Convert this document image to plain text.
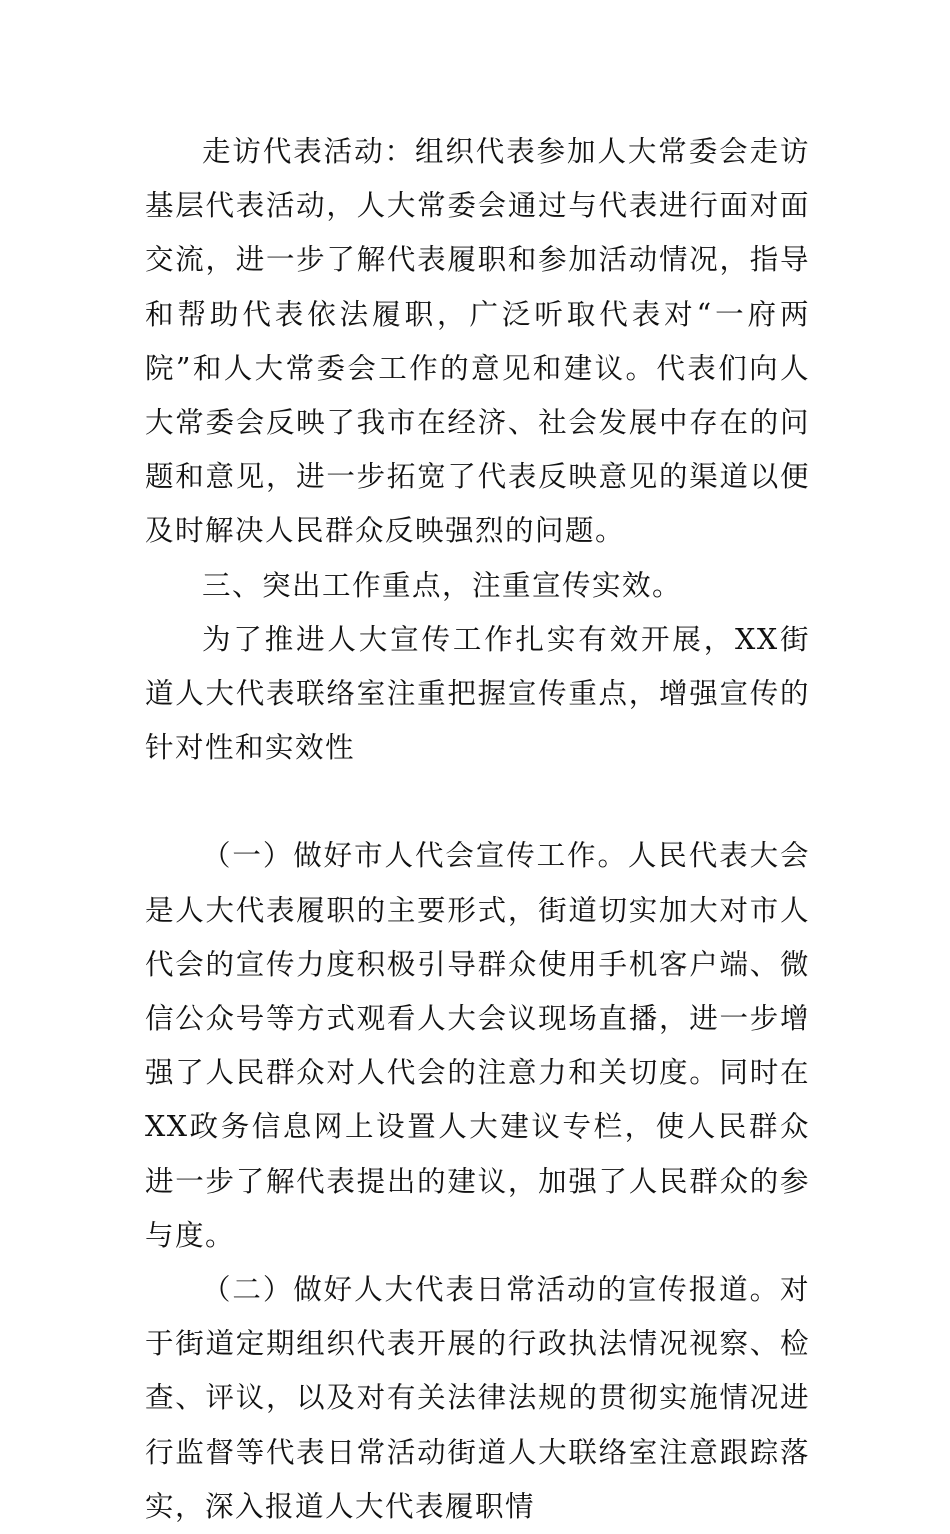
走访代表活动：组织代表参加人大常委会走访基层代表活动，人大常委会通过与代表进行面对面交流，进一步了解代表履职和参加活动情况，指导和帮助代表依法履职，广泛听取代表对“一府两院”和人大常委会工作的意见和建议。代表们向人大常委会反映了我市在经济、社会发展中存在的问题和意见，进一步拓宽了代表反映意见的渠道以便及时解决人民群众反映强烈的问题。

三、突出工作重点，注重宣传实效。

为了推进人大宣传工作扎实有效开展，XX街道人大代表联络室注重把握宣传重点，增强宣传的针对性和实效性

（一）做好市人代会宣传工作。人民代表大会是人大代表履职的主要形式，街道切实加大对市人代会的宣传力度积极引导群众使用手机客户端、微信公众号等方式观看人大会议现场直播，进一步增强了人民群众对人代会的注意力和关切度。同时在XX政务信息网上设置人大建议专栏，使人民群众进一步了解代表提出的建议，加强了人民群众的参与度。

（二）做好人大代表日常活动的宣传报道。对于街道定期组织代表开展的行政执法情况视察、检查、评议，以及对有关法律法规的贯彻实施情况进行监督等代表日常活动街道人大联络室注意跟踪落实，深入报道人大代表履职情
